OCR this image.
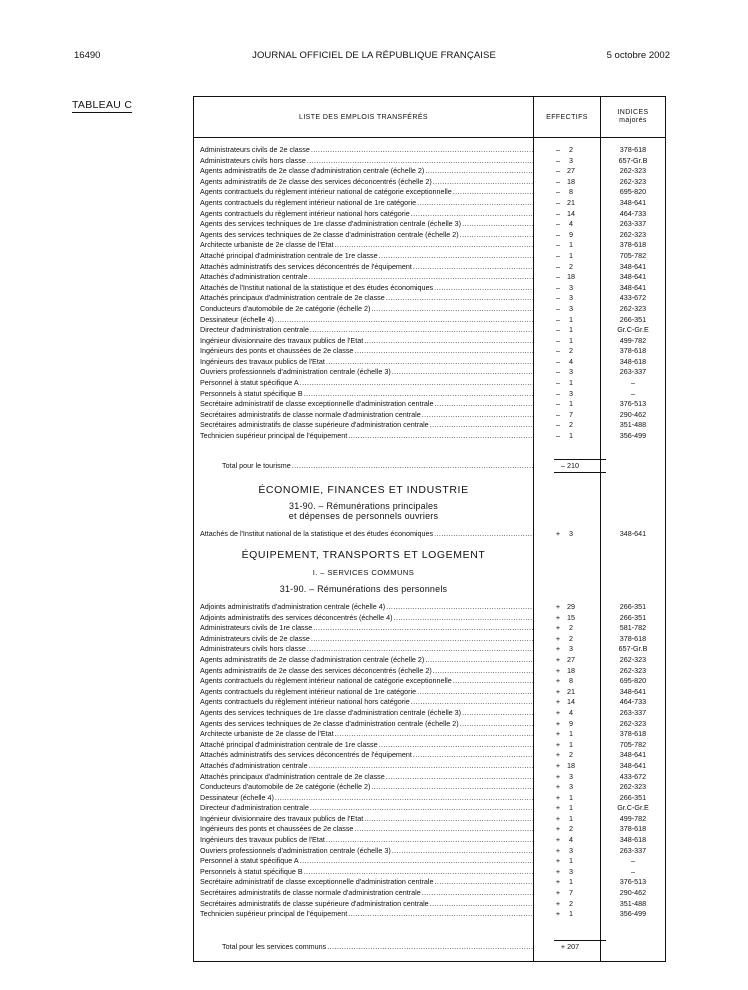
16490	JOURNAL OFFICIEL DE LA RÉPUBLIQUE FRANÇAISE	5 octobre 2002
TABLEAU C
LISTE DES EMPLOIS TRANSFÉRÉS	EFFECTIFS
INDICES
majorés
Administrateurs civils de 2e classe .....	–	2	378-618
Administrateurs civils hors classe .....	–	3	657-Gr.B
Agents administratifs de 2e classe d'administration centrale (échelle 2) .....	– 27	262-323
Agents administratifs de 2e classe des services déconcentrés (échelle 2) .....	– 18	262-323
Agents contractuels du règlement intérieur national de catégorie exceptionnelle .....	–	8	695-820
Agents contractuels du règlement intérieur national de 1re catégorie .....	– 21	348-641
Agents contractuels du règlement intérieur national hors catégorie .....	– 14	464-733
Agents des services techniques de 1re classe d'administration centrale (échelle 3) .....	–	4	263-337
Agents des services techniques de 2e classe d'administration centrale (échelle 2) .....	–	9	262-323
Architecte urbaniste de 2e classe de l'Etat .....	–	1	378-618
Attaché principal d'administration centrale de 1re classe .....	–	1	705-782
Attachés administratifs des services déconcentrés de l'équipement .....	–	2	348-641
Attachés d'administration centrale .....	– 18	348-641
Attachés de l'Institut national de la statistique et des études économiques .....	–	3	348-641
Attachés principaux d'administration centrale de 2e classe .....	–	3	433-672
Conducteurs d'automobile de 2e catégorie (échelle 2) .....	–	3	262-323
Dessinateur (échelle 4) .....	–	1	266-351
Directeur d'administration centrale .....	–	1	Gr.C-Gr.E
Ingénieur divisionnaire des travaux publics de l'Etat .....	–	1	499-782
Ingénieurs des ponts et chaussées de 2e classe .....	–	2	378-618
Ingénieurs des travaux publics de l'Etat .....	–	4	348-618
Ouvriers professionnels d'administration centrale (échelle 3) .....	–	3	263-337
Personnel à statut spécifique A .....	–	1	–
Personnels à statut spécifique B .....	–	3	–
Secrétaire administratif de classe exceptionnelle d'administration centrale .....	–	1	376-513
Secrétaires administratifs de classe normale d'administration centrale .....	–	7	290-462
Secrétaires administratifs de classe supérieure d'administration centrale .....	–	2	351-488
Technicien supérieur principal de l'équipement .....	–	1	356-499
Total pour le tourisme .....	– 210
ÉCONOMIE, FINANCES ET INDUSTRIE
31-90. – Rémunérations principales
et dépenses de personnels ouvriers
Attachés de l'Institut national de la statistique et des études économiques .....	+	3	348-641
ÉQUIPEMENT, TRANSPORTS ET LOGEMENT
I. – SERVICES COMMUNS
31-90. – Rémunérations des personnels
Adjoints administratifs d'administration centrale (échelle 4) .....	+ 29	266-351
Adjoints administratifs des services déconcentrés (échelle 4) .....	+ 15	266-351
Administrateurs civils de 1re classe .....	+	2	581-782
Administrateurs civils de 2e classe .....	+	2	378-618
Administrateurs civils hors classe .....	+	3	657-Gr.B
Agents administratifs de 2e classe d'administration centrale (échelle 2) .....	+ 27	262-323
Agents administratifs de 2e classe des services déconcentrés (échelle 2) .....	+ 18	262-323
Agents contractuels du règlement intérieur national de catégorie exceptionnelle .....	+	8	695-820
Agents contractuels du règlement intérieur national de 1re catégorie .....	+ 21	348-641
Agents contractuels du règlement intérieur national hors catégorie .....	+ 14	464-733
Agents des services techniques de 1re classe d'administration centrale (échelle 3) .....	+	4	263-337
Agents des services techniques de 2e classe d'administration centrale (échelle 2) .....	+	9	262-323
Architecte urbaniste de 2e classe de l'Etat .....	+	1	378-618
Attaché principal d'administration centrale de 1re classe .....	+	1	705-782
Attachés administratifs des services déconcentrés de l'équipement .....	+	2	348-641
Attachés d'administration centrale .....	+ 18	348-641
Attachés principaux d'administration centrale de 2e classe .....	+	3	433-672
Conducteurs d'automobile de 2e catégorie (échelle 2) .....	+	3	262-323
Dessinateur (échelle 4) .....	+	1	266-351
Directeur d'administration centrale .....	+	1	Gr.C-Gr.E
Ingénieur divisionnaire des travaux publics de l'Etat .....	+	1	499-782
Ingénieurs des ponts et chaussées de 2e classe .....	+	2	378-618
Ingénieurs des travaux publics de l'Etat .....	+	4	348-618
Ouvriers professionnels d'administration centrale (échelle 3) .....	+	3	263-337
Personnel à statut spécifique A .....	+	1	–
Personnels à statut spécifique B .....	+	3	–
Secrétaire administratif de classe exceptionnelle d'administration centrale .....	+	1	376-513
Secrétaires administratifs de classe normale d'administration centrale .....	+	7	290-462
Secrétaires administratifs de classe supérieure d'administration centrale .....	+	2	351-488
Technicien supérieur principal de l'équipement .....	+	1	356-499
Total pour les services communs .....	+ 207
